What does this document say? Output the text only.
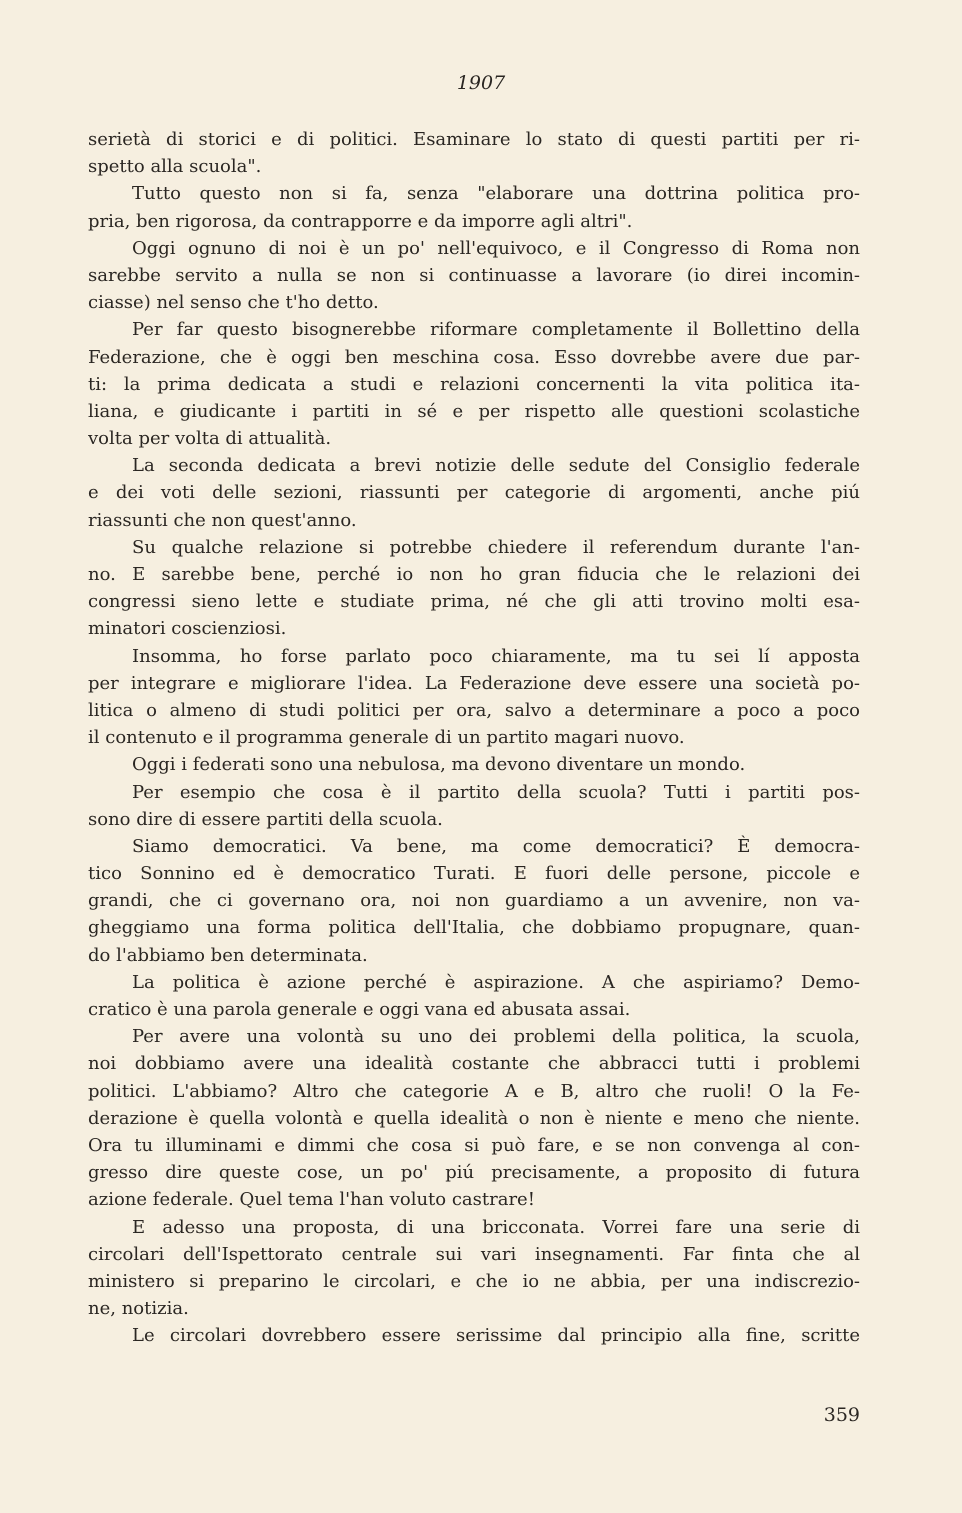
1907
serietà di storici e di politici. Esaminare lo stato di questi partiti per ri-
spetto alla scuola".
Tutto questo non si fa, senza "elaborare una dottrina politica pro-
pria, ben rigorosa, da contrapporre e da imporre agli altri".
Oggi ognuno di noi è un po' nell'equivoco, e il Congresso di Roma non
sarebbe servito a nulla se non si continuasse a lavorare (io direi incomin-
ciasse) nel senso che t'ho detto.
Per far questo bisognerebbe riformare completamente il Bollettino della
Federazione, che è oggi ben meschina cosa. Esso dovrebbe avere due par-
ti: la prima dedicata a studi e relazioni concernenti la vita politica ita-
liana, e giudicante i partiti in sé e per rispetto alle questioni scolastiche
volta per volta di attualità.
La seconda dedicata a brevi notizie delle sedute del Consiglio federale
e dei voti delle sezioni, riassunti per categorie di argomenti, anche piú
riassunti che non quest'anno.
Su qualche relazione si potrebbe chiedere il referendum durante l'an-
no. E sarebbe bene, perché io non ho gran fiducia che le relazioni dei
congressi sieno lette e studiate prima, né che gli atti trovino molti esa-
minatori coscienziosi.
Insomma, ho forse parlato poco chiaramente, ma tu sei lí apposta
per integrare e migliorare l'idea. La Federazione deve essere una società po-
litica o almeno di studi politici per ora, salvo a determinare a poco a poco
il contenuto e il programma generale di un partito magari nuovo.
Oggi i federati sono una nebulosa, ma devono diventare un mondo.
Per esempio che cosa è il partito della scuola? Tutti i partiti pos-
sono dire di essere partiti della scuola.
Siamo democratici. Va bene, ma come democratici? È democra-
tico Sonnino ed è democratico Turati. E fuori delle persone, piccole e
grandi, che ci governano ora, noi non guardiamo a un avvenire, non va-
gheggiamo una forma politica dell'Italia, che dobbiamo propugnare, quan-
do l'abbiamo ben determinata.
La politica è azione perché è aspirazione. A che aspiriamo? Demo-
cratico è una parola generale e oggi vana ed abusata assai.
Per avere una volontà su uno dei problemi della politica, la scuola,
noi dobbiamo avere una idealità costante che abbracci tutti i problemi
politici. L'abbiamo? Altro che categorie A e B, altro che ruoli! O la Fe-
derazione è quella volontà e quella idealità o non è niente e meno che niente.
Ora tu illuminami e dimmi che cosa si può fare, e se non convenga al con-
gresso dire queste cose, un po' piú precisamente, a proposito di futura
azione federale. Quel tema l'han voluto castrare!
E adesso una proposta, di una bricconata. Vorrei fare una serie di
circolari dell'Ispettorato centrale sui vari insegnamenti. Far finta che al
ministero si preparino le circolari, e che io ne abbia, per una indiscrezio-
ne, notizia.
Le circolari dovrebbero essere serissime dal principio alla fine, scritte
359
